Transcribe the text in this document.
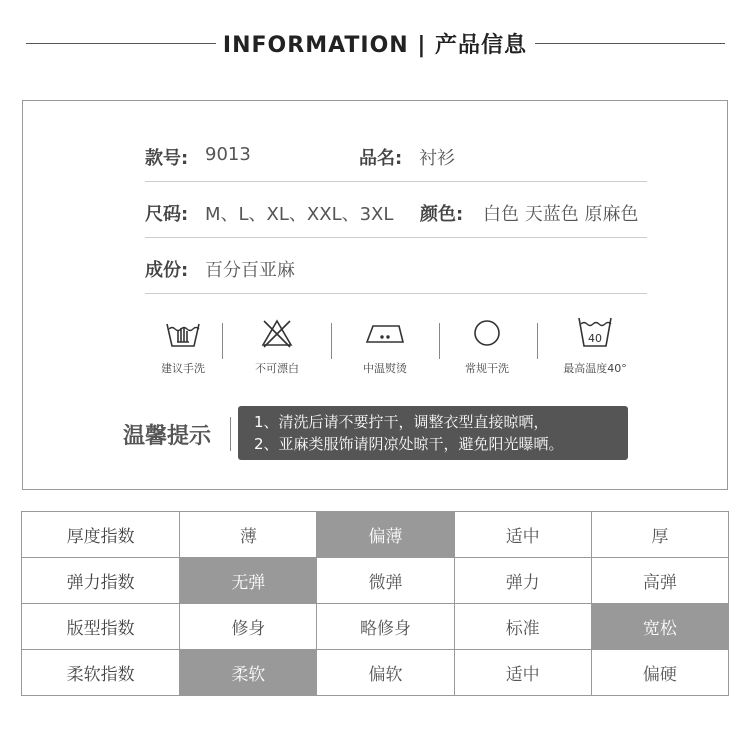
INFORMATION | 产品信息
款号: 9013	品名: 衬衫
尺码: M、L、XL、XXL、3XL 颜色: 白色 天蓝色 原麻色
成份: 百分百亚麻
建议手洗	不可漂白	中温熨烫	常规干洗
40
最高温度40°
温馨提示
1、清洗后请不要拧干，调整衣型直接晾晒，
2、亚麻类服饰请阴凉处晾干，避免阳光曝晒。
厚度指数	薄	偏薄	适中	厚
弹力指数	无弹	微弹	弹力	高弹
版型指数	修身	略修身	标准	宽松
柔软指数	柔软	偏软	适中	偏硬
